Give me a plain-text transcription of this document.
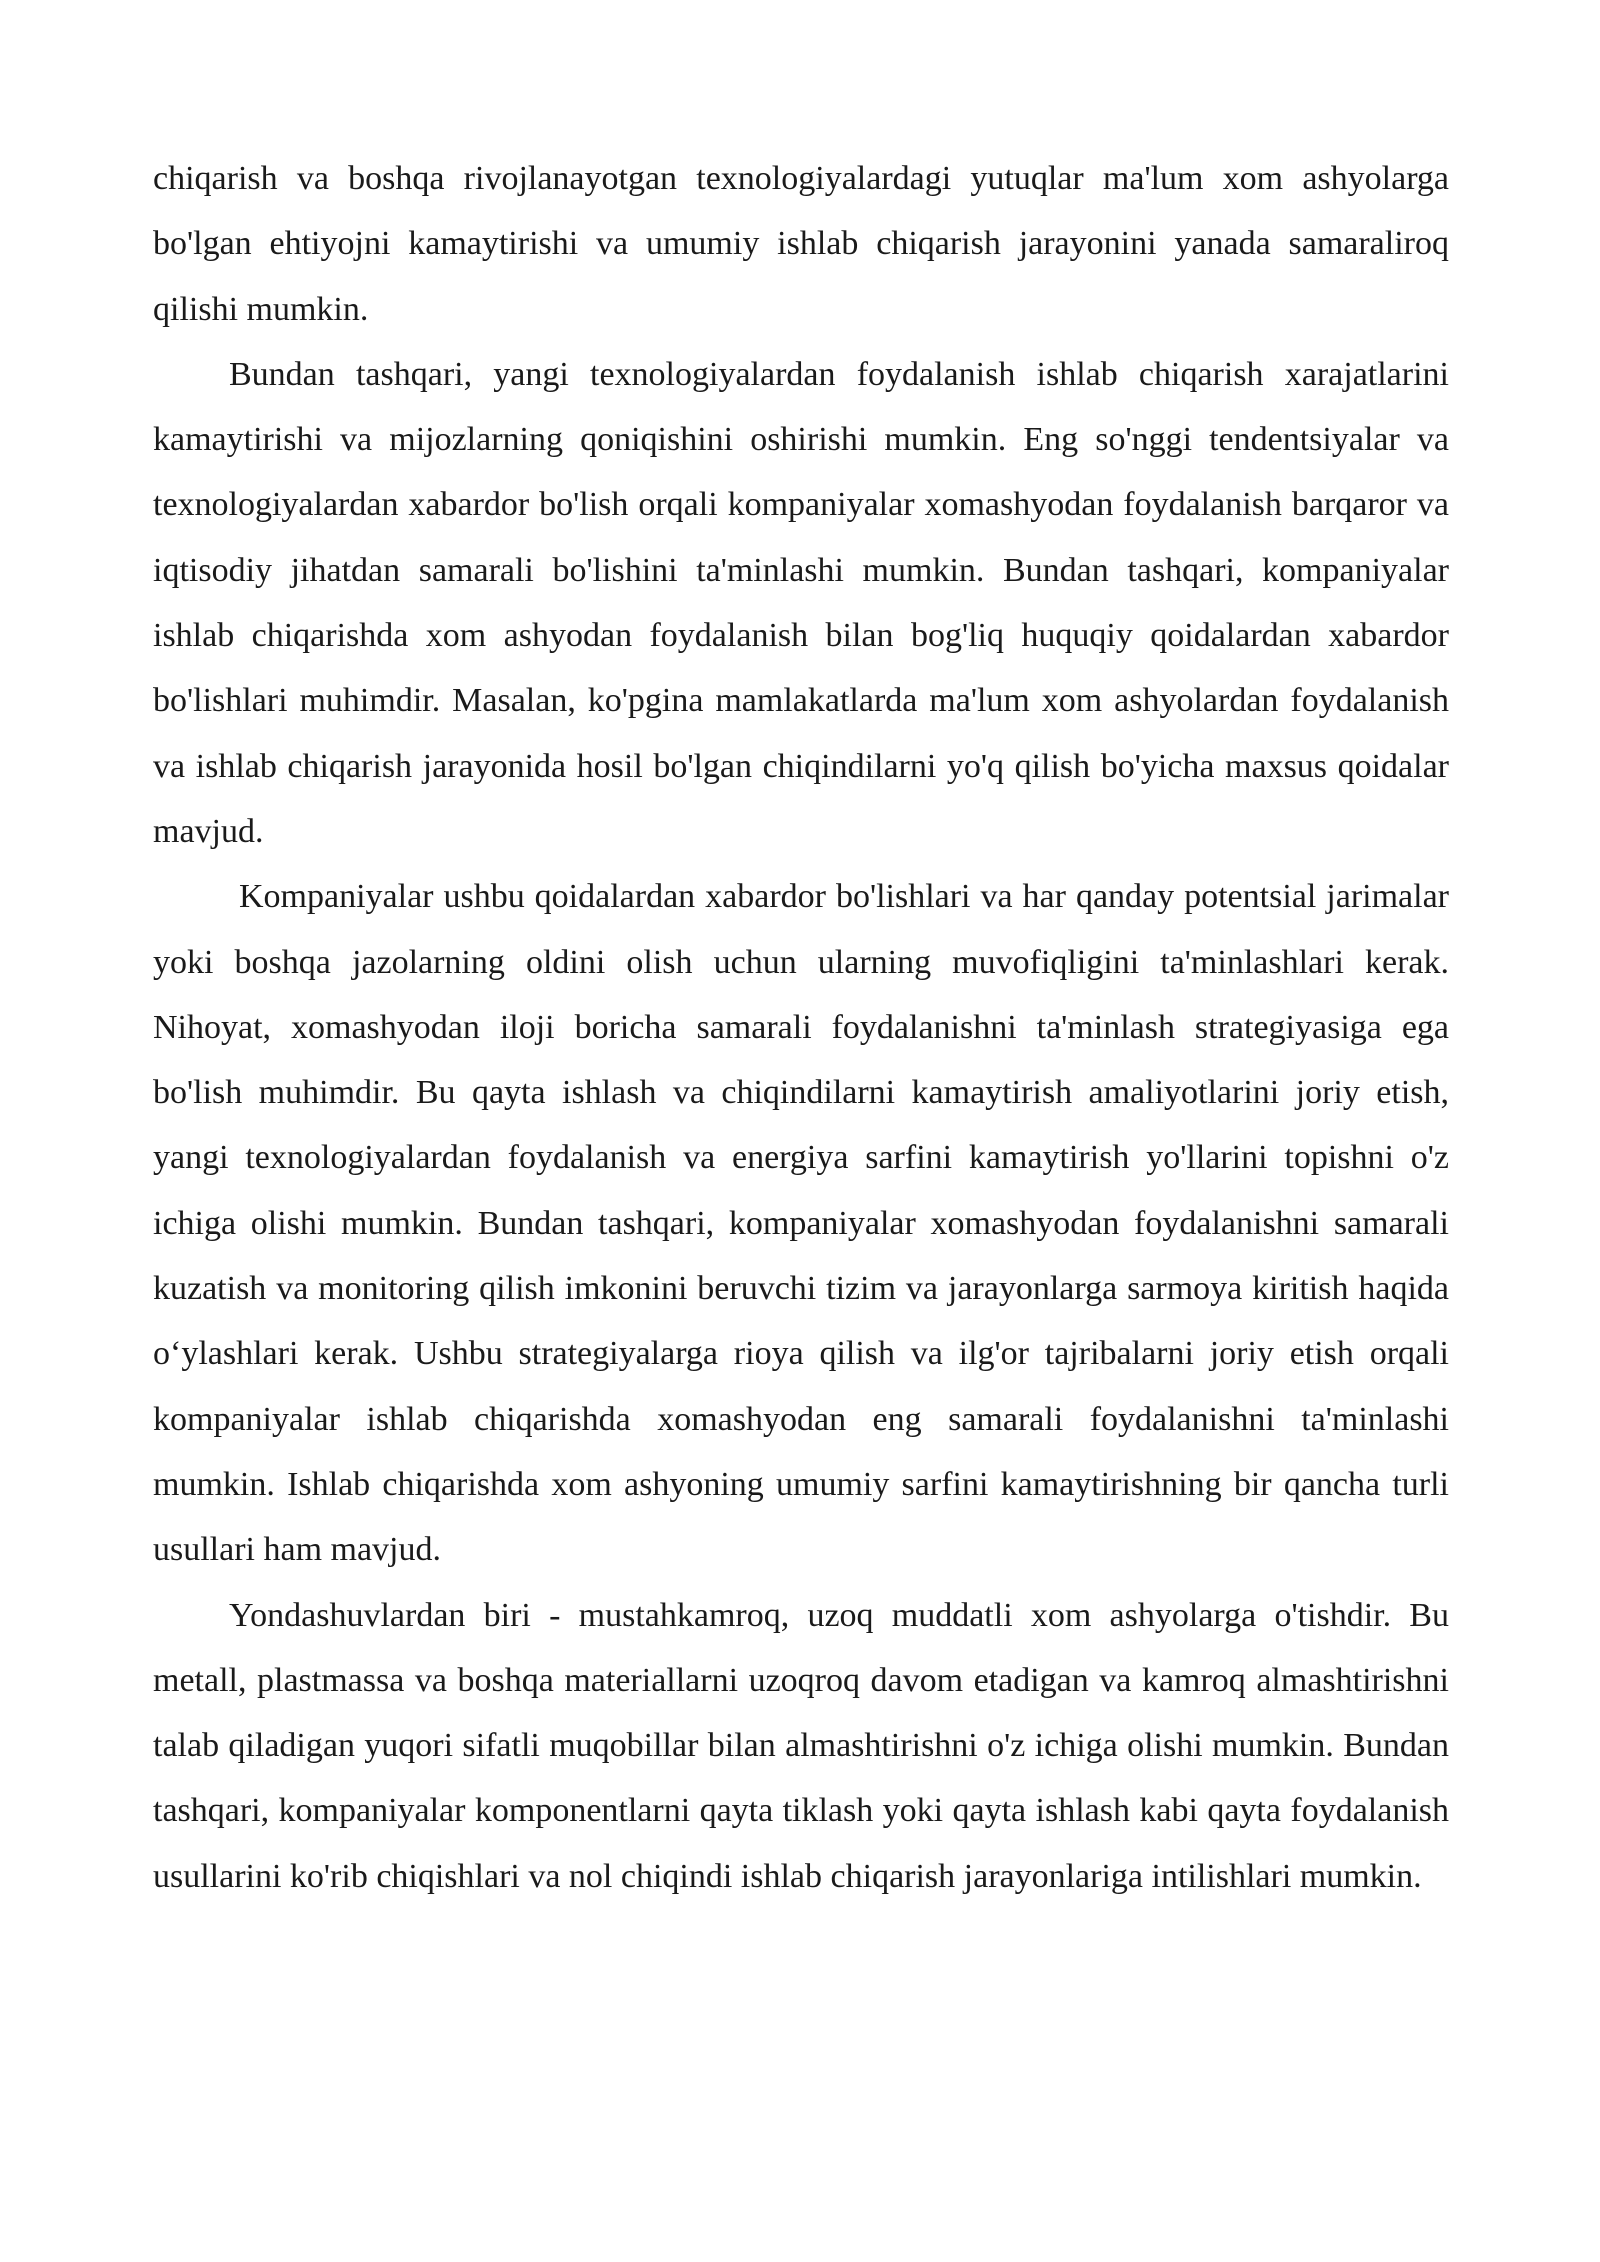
chiqarish va boshqa rivojlanayotgan texnologiyalardagi yutuqlar ma'lum xom ashyolarga bo'lgan ehtiyojni kamaytirishi va umumiy ishlab chiqarish jarayonini yanada samaraliroq qilishi mumkin.

Bundan tashqari, yangi texnologiyalardan foydalanish ishlab chiqarish xarajatlarini kamaytirishi va mijozlarning qoniqishini oshirishi mumkin. Eng so'nggi tendentsiyalar va texnologiyalardan xabardor bo'lish orqali kompaniyalar xomashyodan foydalanish barqaror va iqtisodiy jihatdan samarali bo'lishini ta'minlashi mumkin. Bundan tashqari, kompaniyalar ishlab chiqarishda xom ashyodan foydalanish bilan bog'liq huquqiy qoidalardan xabardor bo'lishlari muhimdir. Masalan, ko'pgina mamlakatlarda ma'lum xom ashyolardan foydalanish va ishlab chiqarish jarayonida hosil bo'lgan chiqindilarni yo'q qilish bo'yicha maxsus qoidalar mavjud.

Kompaniyalar ushbu qoidalardan xabardor bo'lishlari va har qanday potentsial jarimalar yoki boshqa jazolarning oldini olish uchun ularning muvofiqligini ta'minlashlari kerak. Nihoyat, xomashyodan iloji boricha samarali foydalanishni ta'minlash strategiyasiga ega bo'lish muhimdir. Bu qayta ishlash va chiqindilarni kamaytirish amaliyotlarini joriy etish, yangi texnologiyalardan foydalanish va energiya sarfini kamaytirish yo'llarini topishni o'z ichiga olishi mumkin. Bundan tashqari, kompaniyalar xomashyodan foydalanishni samarali kuzatish va monitoring qilish imkonini beruvchi tizim va jarayonlarga sarmoya kiritish haqida o‘ylashlari kerak. Ushbu strategiyalarga rioya qilish va ilg'or tajribalarni joriy etish orqali kompaniyalar ishlab chiqarishda xomashyodan eng samarali foydalanishni ta'minlashi mumkin. Ishlab chiqarishda xom ashyoning umumiy sarfini kamaytirishning bir qancha turli usullari ham mavjud.

Yondashuvlardan biri - mustahkamroq, uzoq muddatli xom ashyolarga o'tishdir. Bu metall, plastmassa va boshqa materiallarni uzoqroq davom etadigan va kamroq almashtirishni talab qiladigan yuqori sifatli muqobillar bilan almashtirishni o'z ichiga olishi mumkin. Bundan tashqari, kompaniyalar komponentlarni qayta tiklash yoki qayta ishlash kabi qayta foydalanish usullarini ko'rib chiqishlari va nol chiqindi ishlab chiqarish jarayonlariga intilishlari mumkin.
